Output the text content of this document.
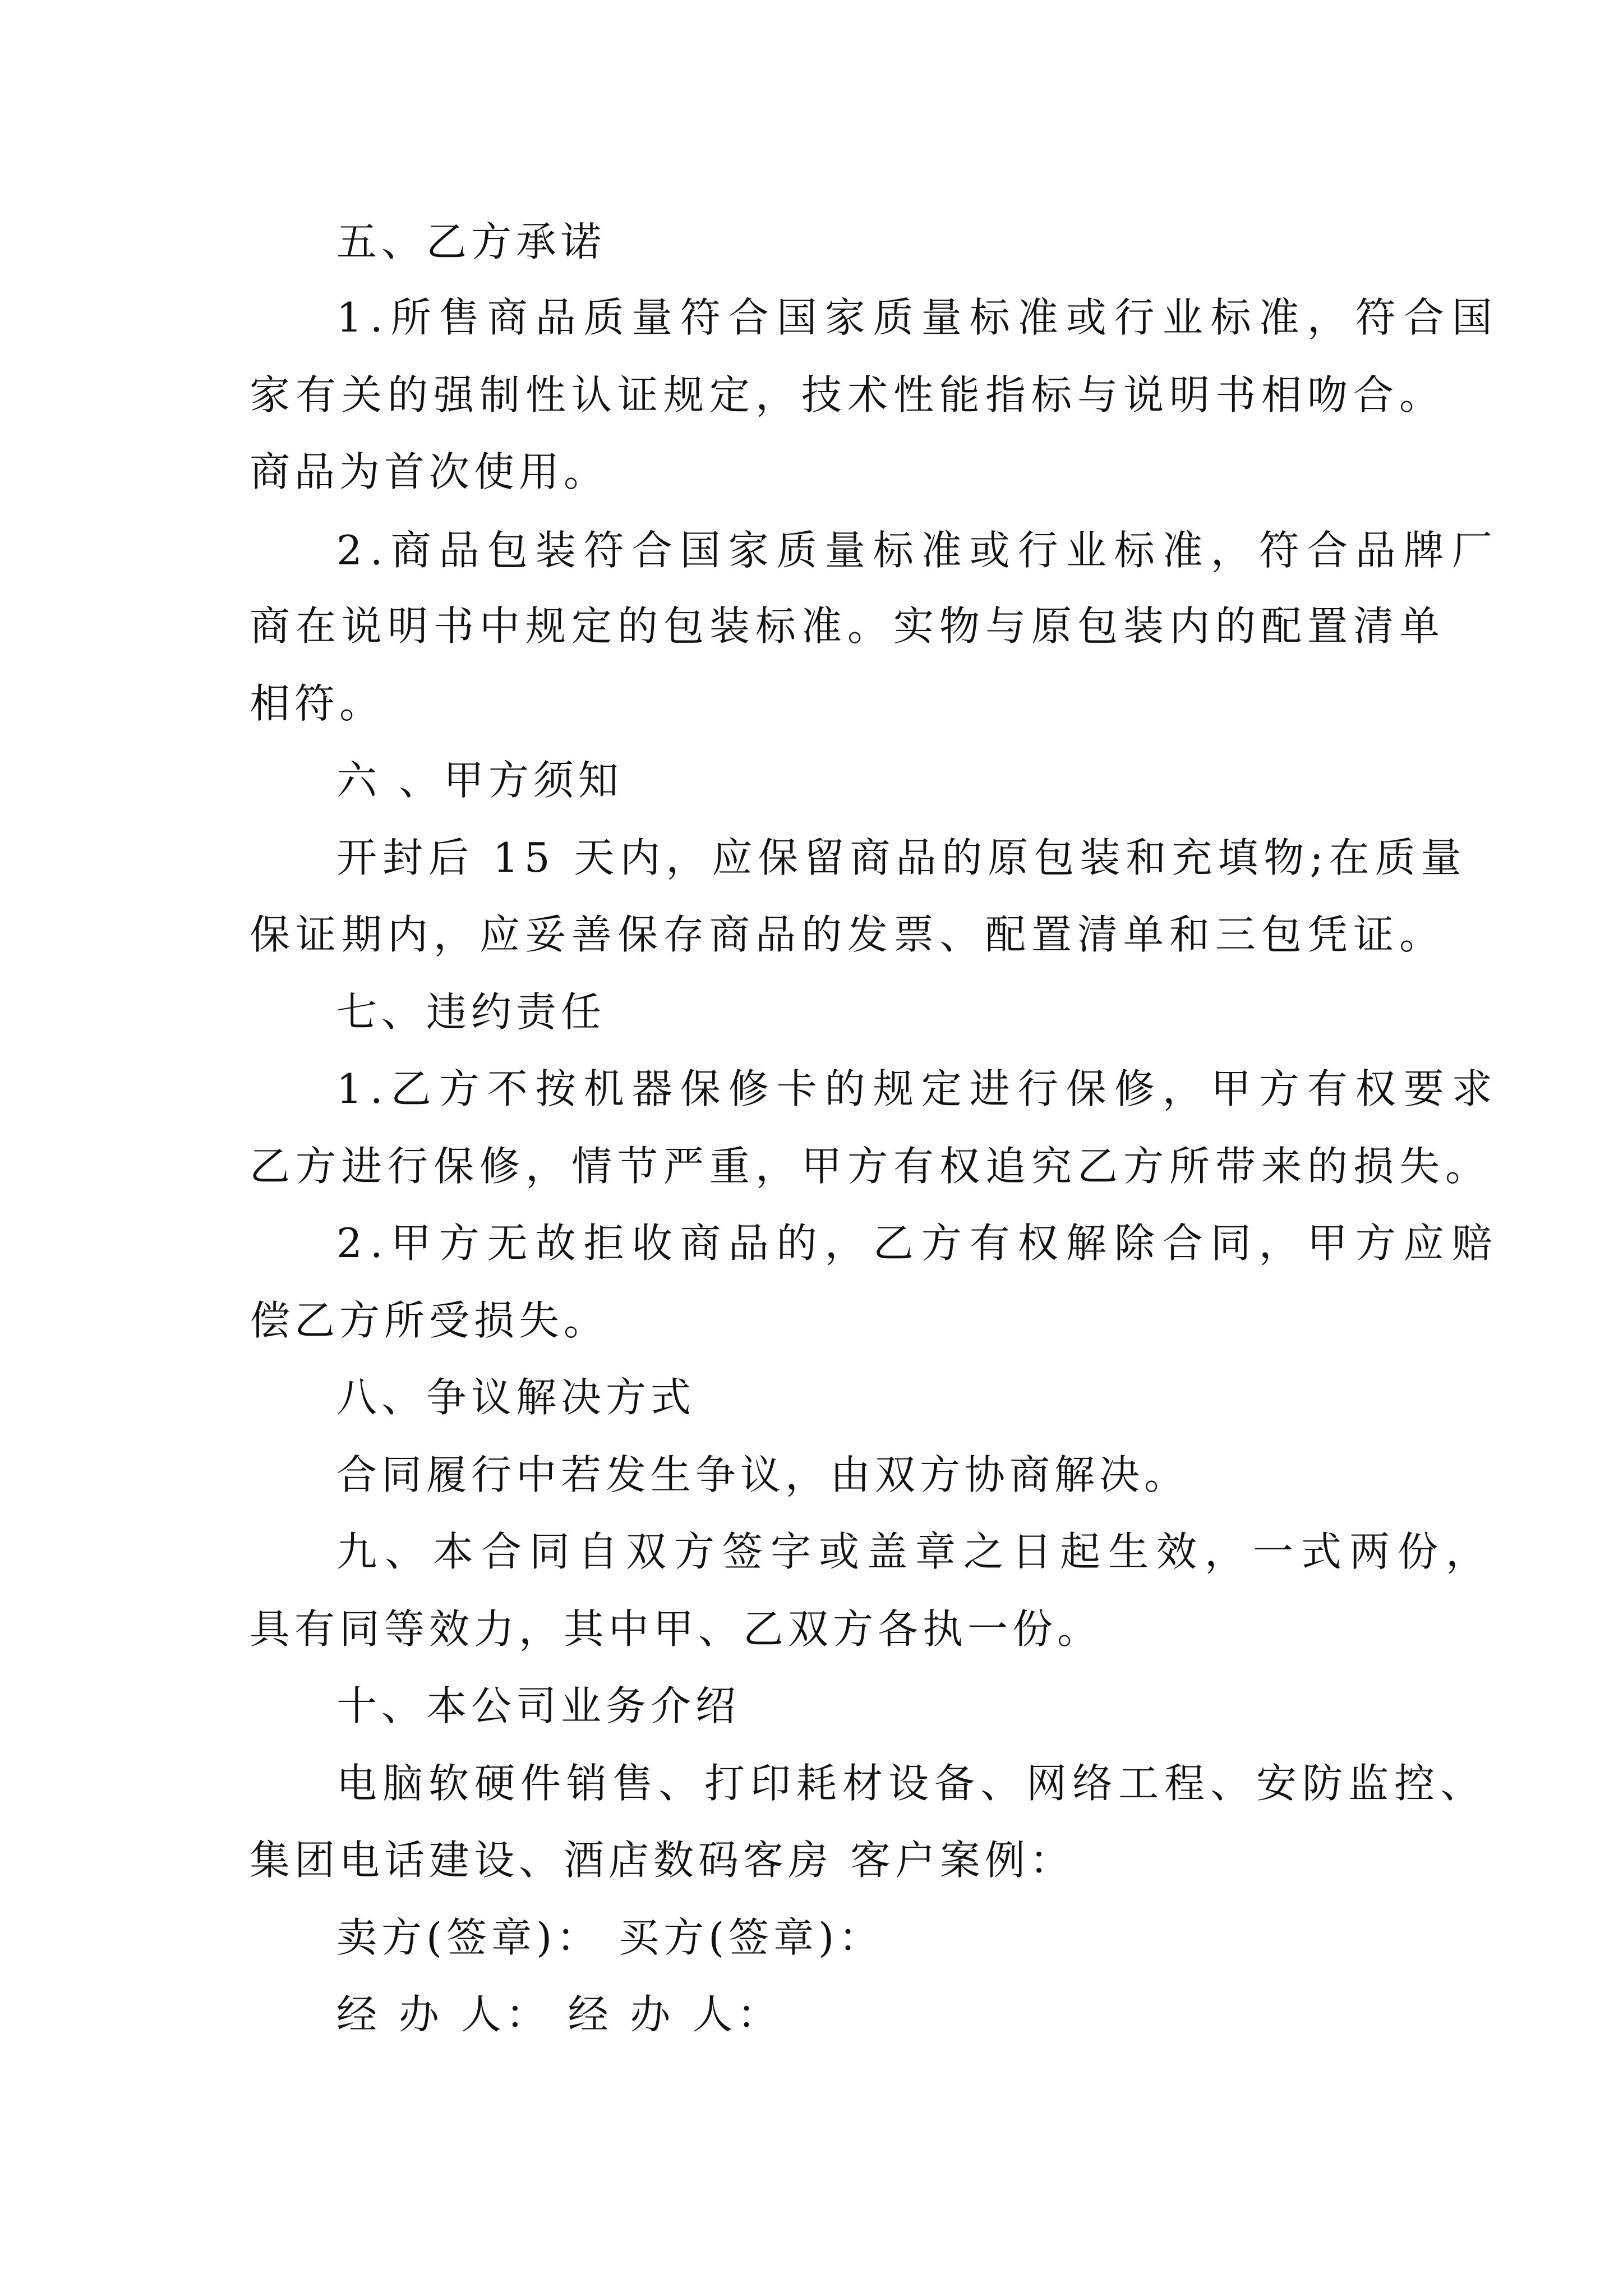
五、乙方承诺
1.所售商品质量符合国家质量标准或行业标准，符合国
家有关的强制性认证规定，技术性能指标与说明书相吻合。
商品为首次使用。
2.商品包装符合国家质量标准或行业标准，符合品牌厂
商在说明书中规定的包装标准。实物与原包装内的配置清单
相符。
六 、甲方须知
开封后 15 天内，应保留商品的原包装和充填物;在质量
保证期内，应妥善保存商品的发票、配置清单和三包凭证。
七、违约责任
1.乙方不按机器保修卡的规定进行保修，甲方有权要求
乙方进行保修，情节严重，甲方有权追究乙方所带来的损失。
2.甲方无故拒收商品的，乙方有权解除合同，甲方应赔
偿乙方所受损失。
八、争议解决方式
合同履行中若发生争议，由双方协商解决。
九、本合同自双方签字或盖章之日起生效，一式两份，
具有同等效力，其中甲、乙双方各执一份。
十、本公司业务介绍
电脑软硬件销售、打印耗材设备、网络工程、安防监控、
集团电话建设、酒店数码客房 客户案例：
卖方(签章)： 买方(签章)：
经 办 人： 经 办 人：
